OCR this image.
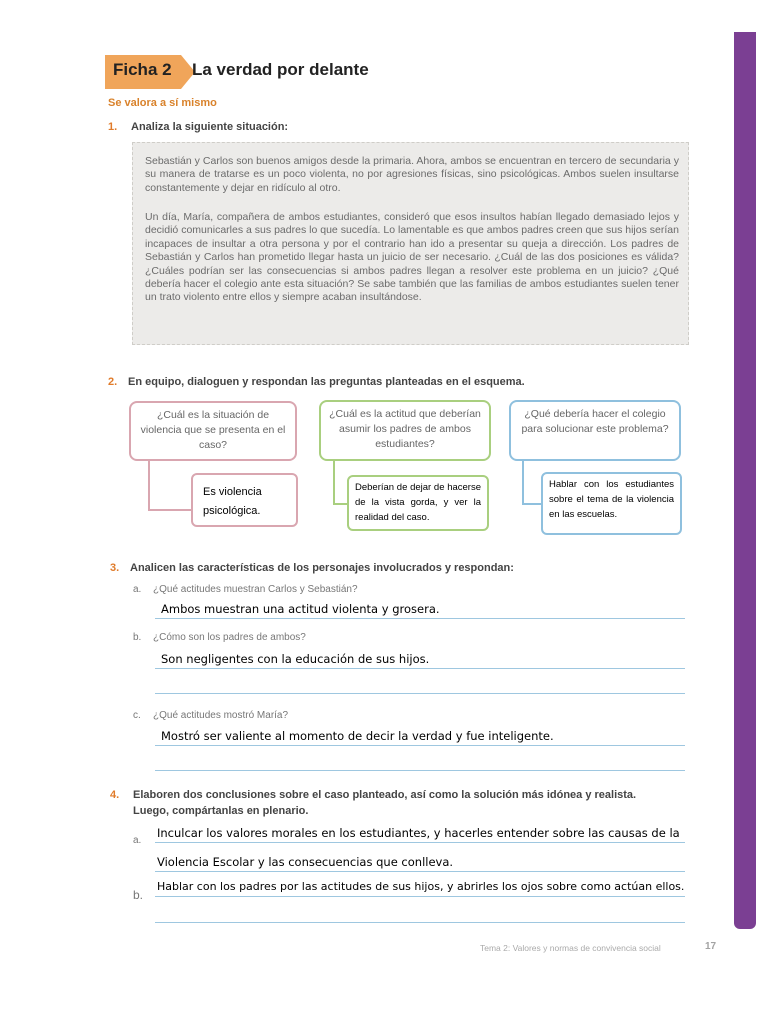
Ficha 2 La verdad por delante
Se valora a sí mismo
1. Analiza la siguiente situación:

Sebastián y Carlos son buenos amigos desde la primaria. Ahora, ambos se encuentran en tercero de secundaria y su manera de tratarse es un poco violenta, no por agresiones físicas, sino psicológicas. Ambos suelen insultarse constantemente y dejar en ridículo al otro.

Un día, María, compañera de ambos estudiantes, consideró que esos insultos habían llegado demasiado lejos y decidió comunicarles a sus padres lo que sucedía. Lo lamentable es que ambos padres creen que sus hijos serían incapaces de insultar a otra persona y por el contrario han ido a presentar su queja a dirección. Los padres de Sebastián y Carlos han prometido llegar hasta un juicio de ser necesario. ¿Cuál de las dos posiciones es válida? ¿Cuáles podrían ser las consecuencias si ambos padres llegan a resolver este problema en un juicio? ¿Qué debería hacer el colegio ante esta situación? Se sabe también que las familias de ambos estudiantes suelen tener un trato violento entre ellos y siempre acaban insultándose.

2. En equipo, dialoguen y respondan las preguntas planteadas en el esquema.
¿Cuál es la situación de violencia que se presenta en el caso?
Es violencia psicológica.
¿Cuál es la actitud que deberían asumir los padres de ambos estudiantes?
Deberían de dejar de hacerse de la vista gorda, y ver la realidad del caso.
¿Qué debería hacer el colegio para solucionar este problema?
Hablar con los estudiantes sobre el tema de la violencia en las escuelas.
3. Analicen las características de los personajes involucrados y respondan:
a. ¿Qué actitudes muestran Carlos y Sebastián?
Ambos muestran una actitud violenta y grosera.
b. ¿Cómo son los padres de ambos?
Son negligentes con la educación de sus hijos.
c. ¿Qué actitudes mostró María?
Mostró ser valiente al momento de decir la verdad y fue inteligente.
4. Elaboren dos conclusiones sobre el caso planteado, así como la solución más idónea y realista.
Luego, compártanlas en plenario.
a.
Inculcar los valores morales en los estudiantes, y hacerles entender sobre las causas de la
Violencia Escolar y las consecuencias que conlleva.
b.
Hablar con los padres por las actitudes de sus hijos, y abrirles los ojos sobre como actúan ellos.
Tema 2: Valores y normas de convivencia social	17
